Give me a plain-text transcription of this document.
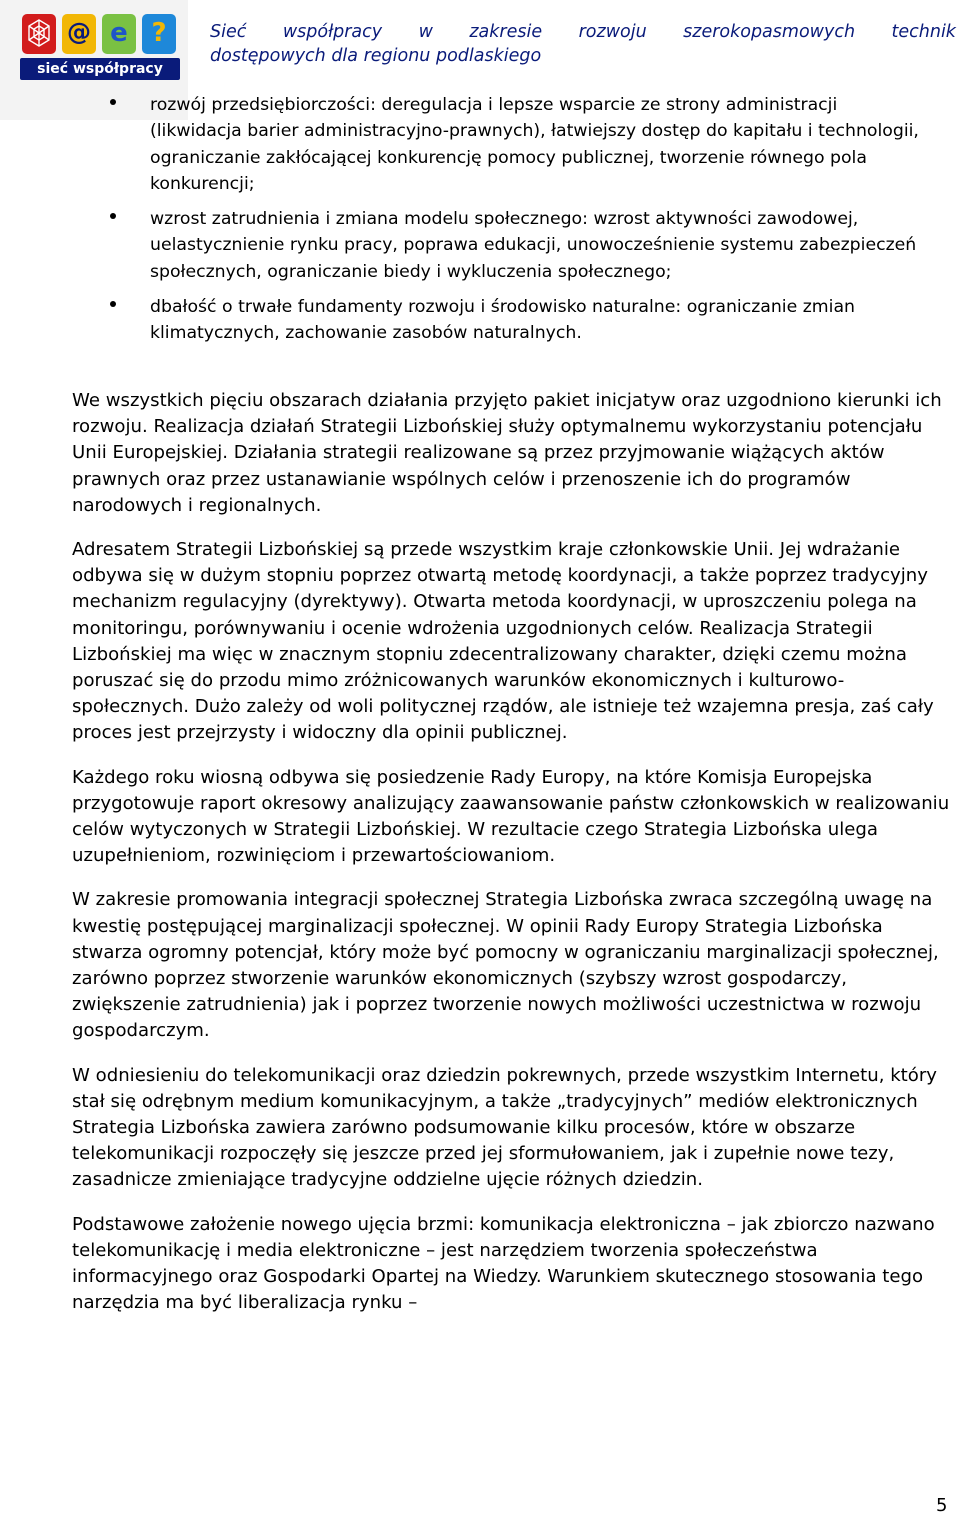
@ e ?
sieć współpracy
Sieć współpracy w zakresie rozwoju szerokopasmowych technik
dostępowych dla regionu podlaskiego
rozwój przedsiębiorczości: deregulacja i lepsze wsparcie ze strony administracji (likwidacja barier administracyjno-prawnych), łatwiejszy dostęp do kapitału i technologii, ograniczanie zakłócającej konkurencję pomocy publicznej, tworzenie równego pola konkurencji;
wzrost zatrudnienia i zmiana modelu społecznego: wzrost aktywności zawodowej, uelastycznienie rynku pracy, poprawa edukacji, unowocześnienie systemu zabezpieczeń społecznych, ograniczanie biedy i wykluczenia społecznego;
dbałość o trwałe fundamenty rozwoju i środowisko naturalne: ograniczanie zmian klimatycznych, zachowanie zasobów naturalnych.

We wszystkich pięciu obszarach działania przyjęto pakiet inicjatyw oraz uzgodniono kierunki ich rozwoju. Realizacja działań Strategii Lizbońskiej służy optymalnemu wykorzystaniu potencjału Unii Europejskiej. Działania strategii realizowane są przez przyjmowanie wiążących aktów prawnych oraz przez ustanawianie wspólnych celów i przenoszenie ich do programów narodowych i regionalnych.

Adresatem Strategii Lizbońskiej są przede wszystkim kraje członkowskie Unii. Jej wdrażanie odbywa się w dużym stopniu poprzez otwartą metodę koordynacji, a także poprzez tradycyjny mechanizm regulacyjny (dyrektywy). Otwarta metoda koordynacji, w uproszczeniu polega na monitoringu, porównywaniu i ocenie wdrożenia uzgodnionych celów. Realizacja Strategii Lizbońskiej ma więc w znacznym stopniu zdecentralizowany charakter, dzięki czemu można poruszać się do przodu mimo zróżnicowanych warunków ekonomicznych i kulturowo-społecznych. Dużo zależy od woli politycznej rządów, ale istnieje też wzajemna presja, zaś cały proces jest przejrzysty i widoczny dla opinii publicznej.

Każdego roku wiosną odbywa się posiedzenie Rady Europy, na które Komisja Europejska przygotowuje raport okresowy analizujący zaawansowanie państw członkowskich w realizowaniu celów wytyczonych w Strategii Lizbońskiej. W rezultacie czego Strategia Lizbońska ulega uzupełnieniom, rozwinięciom i przewartościowaniom.

W zakresie promowania integracji społecznej Strategia Lizbońska zwraca szczególną uwagę na kwestię postępującej marginalizacji społecznej. W opinii Rady Europy Strategia Lizbońska stwarza ogromny potencjał, który może być pomocny w ograniczaniu marginalizacji społecznej, zarówno poprzez stworzenie warunków ekonomicznych (szybszy wzrost gospodarczy, zwiększenie zatrudnienia) jak i poprzez tworzenie nowych możliwości uczestnictwa w rozwoju gospodarczym.

W odniesieniu do telekomunikacji oraz dziedzin pokrewnych, przede wszystkim Internetu, który stał się odrębnym medium komunikacyjnym, a także „tradycyjnych” mediów elektronicznych Strategia Lizbońska zawiera zarówno podsumowanie kilku procesów, które w obszarze telekomunikacji rozpoczęły się jeszcze przed jej sformułowaniem, jak i zupełnie nowe tezy, zasadnicze zmieniające tradycyjne oddzielne ujęcie różnych dziedzin.

Podstawowe założenie nowego ujęcia brzmi: komunikacja elektroniczna – jak zbiorczo nazwano telekomunikację i media elektroniczne – jest narzędziem tworzenia społeczeństwa informacyjnego oraz Gospodarki Opartej na Wiedzy. Warunkiem skutecznego stosowania tego narzędzia ma być liberalizacja rynku –

5
